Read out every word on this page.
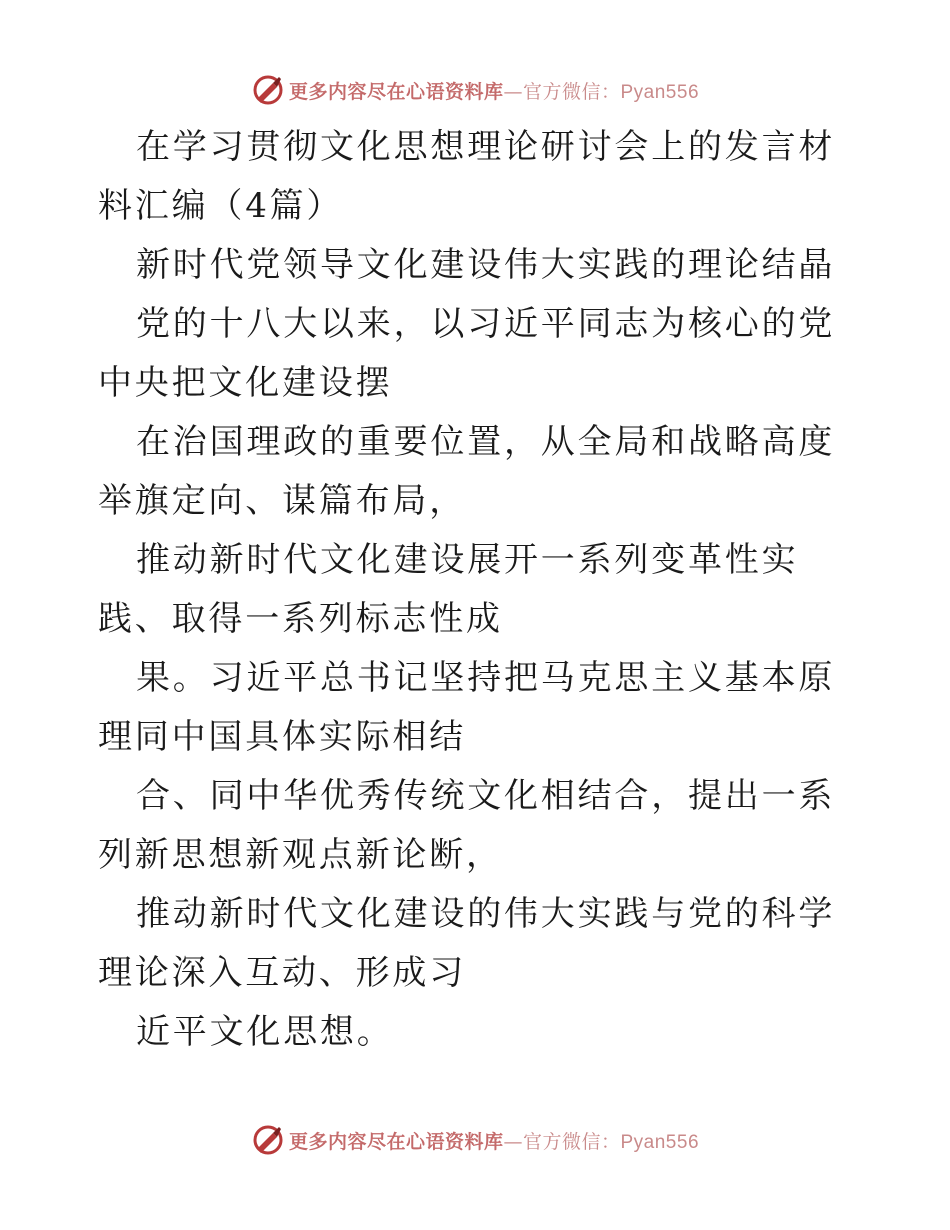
更多内容尽在心语资料库—官方微信：Pyan556

在学习贯彻文化思想理论研讨会上的发言材料汇编（4篇）

新时代党领导文化建设伟大实践的理论结晶

党的十八大以来，以习近平同志为核心的党中央把文化建设摆

在治国理政的重要位置，从全局和战略高度举旗定向、谋篇布局，

推动新时代文化建设展开一系列变革性实践、取得一系列标志性成

果。习近平总书记坚持把马克思主义基本原理同中国具体实际相结

合、同中华优秀传统文化相结合，提出一系列新思想新观点新论断，

推动新时代文化建设的伟大实践与党的科学理论深入互动、形成习

近平文化思想。

更多内容尽在心语资料库—官方微信：Pyan556
